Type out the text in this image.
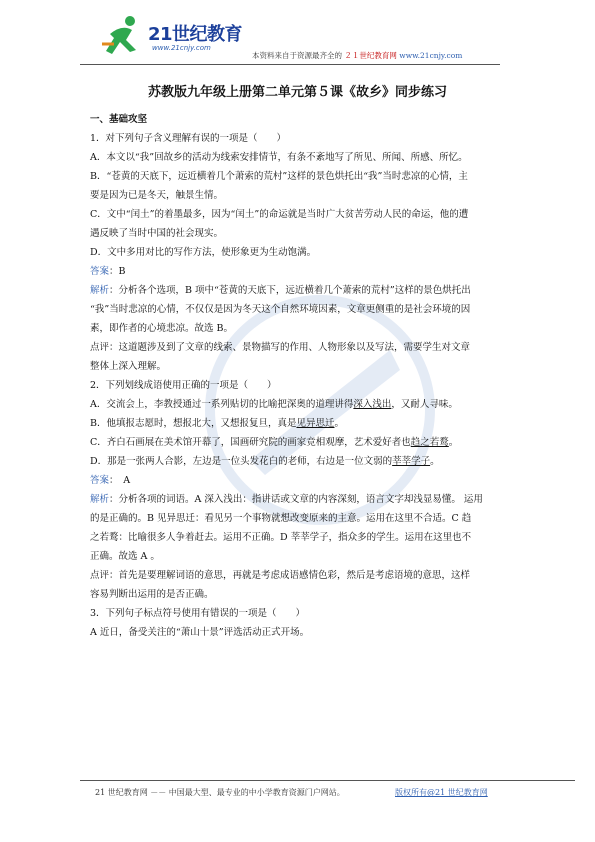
21世纪教育
www.21cnjy.com
本资料来自于资源最齐全的 ２１世纪教育网 www.21cnjy.com
苏教版九年级上册第二单元第５课《故乡》同步练习

一、基础攻坚

1．对下列句子含义理解有误的一项是（　　）

A．本文以“我”回故乡的活动为线索安排情节，有条不紊地写了所见、所闻、所感、所忆。

B．“苍黄的天底下，远近横着几个萧索的荒村”这样的景色烘托出“我”当时悲凉的心情，主

要是因为已是冬天，触景生情。

C．文中“闰土”的着墨最多，因为“闰土”的命运就是当时广大贫苦劳动人民的命运，他的遭

遇反映了当时中国的社会现实。

D．文中多用对比的写作方法，使形象更为生动饱满。

答案：B

解析：分析各个选项，B 项中“苍黄的天底下，远近横着几个萧索的荒村”这样的景色烘托出

“我”当时悲凉的心情，不仅仅是因为冬天这个自然环境因素，文章更侧重的是社会环境的因

素，即作者的心境悲凉。故选 B。

点评：这道题涉及到了文章的线索、景物描写的作用、人物形象以及写法，需要学生对文章

整体上深入理解。

2．下列划线成语使用正确的一项是（　　）

A．交流会上，李教授通过一系列贴切的比喻把深奥的道理讲得深入浅出，又耐人寻味。

B．他填报志愿时，想报北大，又想报复旦，真是见异思迁。

C．齐白石画展在美术馆开幕了，国画研究院的画家竞相观摩，艺术爱好者也趋之若鹜。

D．那是一张两人合影，左边是一位头发花白的老师，右边是一位文弱的莘莘学子。

答案：　A

解析：分析各项的词语。A 深入浅出：指讲话或文章的内容深刻，语言文字却浅显易懂。 运用

的是正确的。B 见异思迁：看见另一个事物就想改变原来的主意。运用在这里不合适。C 趋

之若鹜：比喻很多人争着赶去。运用不正确。D 莘莘学子，指众多的学生。运用在这里也不

正确。故选 A 。

点评：首先是要理解词语的意思，再就是考虑成语感情色彩，然后是考虑语境的意思，这样

容易判断出运用的是否正确。

3．下列句子标点符号使用有错误的一项是（　　）

A 近日，备受关注的“萧山十景”评选活动正式开场。

21 世纪教育网 －－ 中国最大型、最专业的中小学教育资源门户网站。	版权所有@21 世纪教育网
